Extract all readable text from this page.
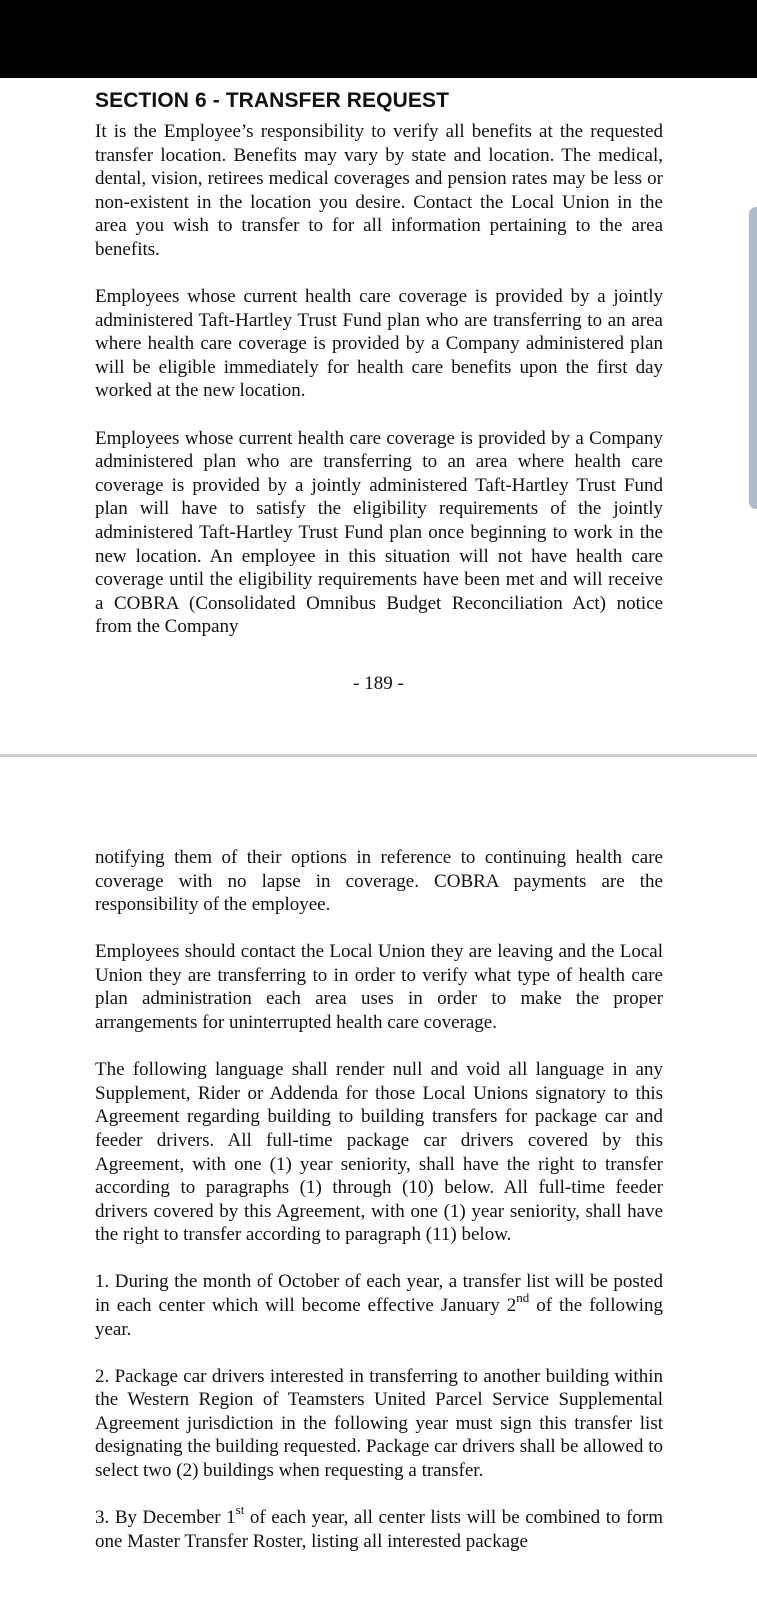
SECTION 6 - TRANSFER REQUEST

It is the Employee’s responsibility to verify all benefits at the requested transfer location. Benefits may vary by state and location. The medical, dental, vision, retirees medical coverages and pension rates may be less or non-existent in the location you desire. Contact the Local Union in the area you wish to transfer to for all information pertaining to the area benefits.

Employees whose current health care coverage is provided by a jointly administered Taft-Hartley Trust Fund plan who are transferring to an area where health care coverage is provided by a Company administered plan will be eligible immediately for health care benefits upon the first day worked at the new location.

Employees whose current health care coverage is provided by a Company administered plan who are transferring to an area where health care coverage is provided by a jointly administered Taft-Hartley Trust Fund plan will have to satisfy the eligibility requirements of the jointly administered Taft-Hartley Trust Fund plan once beginning to work in the new location. An employee in this situation will not have health care coverage until the eligibility requirements have been met and will receive a COBRA (Consolidated Omnibus Budget Reconciliation Act) notice from the Company

- 189 -

notifying them of their options in reference to continuing health care coverage with no lapse in coverage. COBRA payments are the responsibility of the employee.

Employees should contact the Local Union they are leaving and the Local Union they are transferring to in order to verify what type of health care plan administration each area uses in order to make the proper arrangements for uninterrupted health care coverage.

The following language shall render null and void all language in any Supplement, Rider or Addenda for those Local Unions signatory to this Agreement regarding building to building transfers for package car and feeder drivers. All full-time package car drivers covered by this Agreement, with one (1) year seniority, shall have the right to transfer according to paragraphs (1) through (10) below. All full-time feeder drivers covered by this Agreement, with one (1) year seniority, shall have the right to transfer according to paragraph (11) below.

1. During the month of October of each year, a transfer list will be posted in each center which will become effective January 2nd of the following year.

2. Package car drivers interested in transferring to another building within the Western Region of Teamsters United Parcel Service Supplemental Agreement jurisdiction in the following year must sign this transfer list designating the building requested. Package car drivers shall be allowed to select two (2) buildings when requesting a transfer.

3. By December 1st of each year, all center lists will be combined to form one Master Transfer Roster, listing all interested package
